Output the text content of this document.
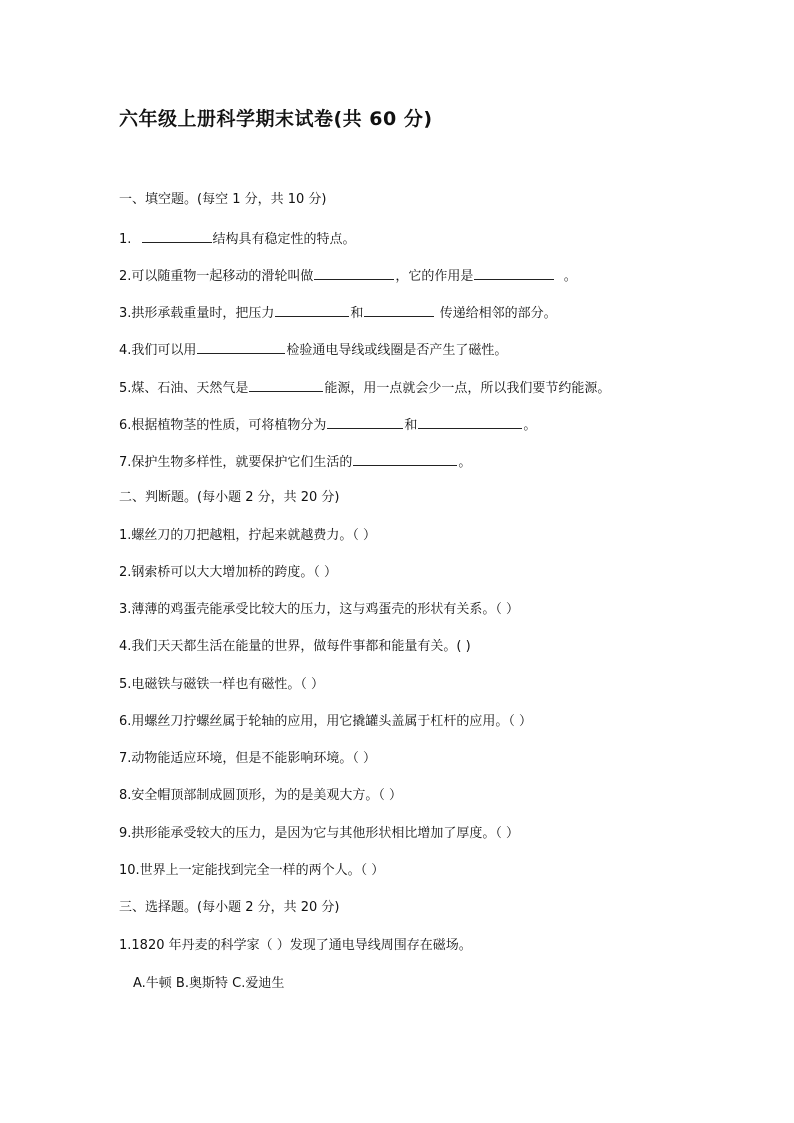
六年级上册科学期末试卷(共 60 分)
一、填空题。(每空 1 分，共 10 分)
1.	结构具有稳定性的特点。
2.可以随重物一起移动的滑轮叫做	，它的作用是	。
3.拱形承载重量时，把压力	和	传递给相邻的部分。
4.我们可以用	检验通电导线或线圈是否产生了磁性。
5.煤、石油、天然气是	能源，用一点就会少一点，所以我们要节约能源。
6.根据植物茎的性质，可将植物分为	和	。
7.保护生物多样性，就要保护它们生活的	。
二、判断题。(每小题 2 分，共 20 分)
1.螺丝刀的刀把越粗，拧起来就越费力。（ ）
2.钢索桥可以大大增加桥的跨度。（ ）
3.薄薄的鸡蛋壳能承受比较大的压力，这与鸡蛋壳的形状有关系。（ ）
4.我们天天都生活在能量的世界，做每件事都和能量有关。( )
5.电磁铁与磁铁一样也有磁性。（ ）
6.用螺丝刀拧螺丝属于轮轴的应用，用它撬罐头盖属于杠杆的应用。（ ）
7.动物能适应环境，但是不能影响环境。（ ）
8.安全帽顶部制成圆顶形，为的是美观大方。（ ）
9.拱形能承受较大的压力，是因为它与其他形状相比增加了厚度。（ ）
10.世界上一定能找到完全一样的两个人。（ ）
三、选择题。(每小题 2 分，共 20 分)
1.1820 年丹麦的科学家（ ）发现了通电导线周围存在磁场。
A.牛顿 B.奥斯特 C.爱迪生
